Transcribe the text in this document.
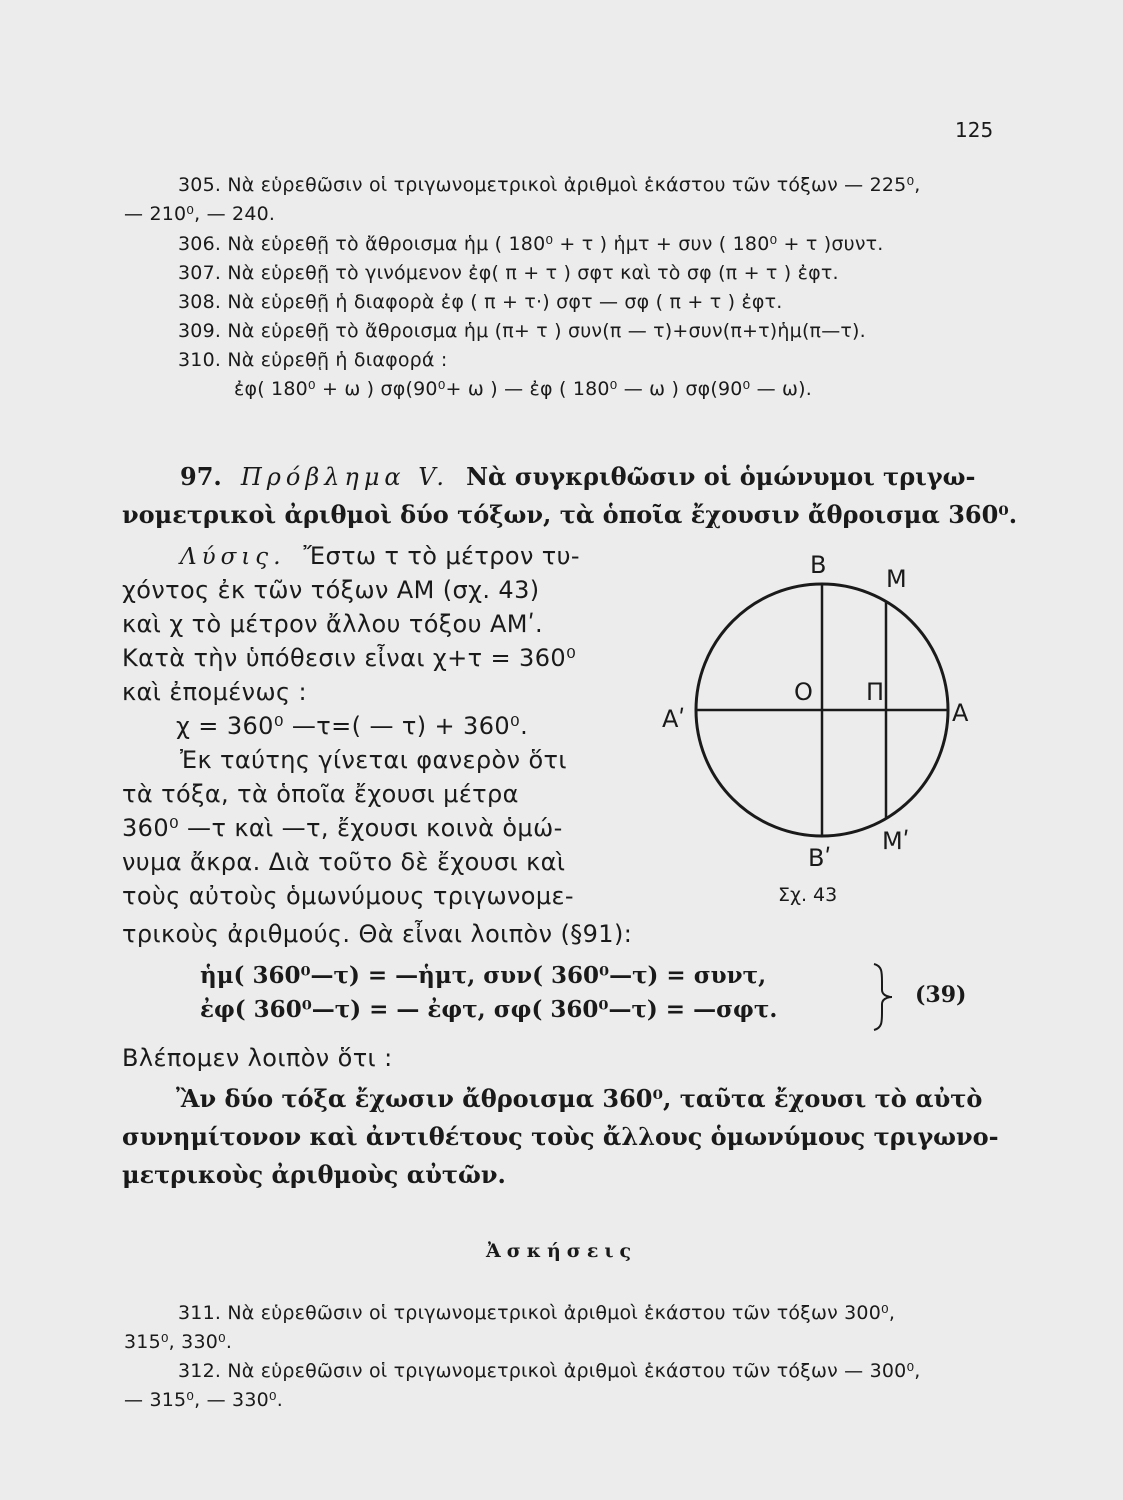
125
305. Νὰ εὑρεθῶσιν οἱ τριγωνομετρικοὶ ἀριθμοὶ ἑκάστου τῶν τόξων — 225⁰,
— 210⁰, — 240.
306. Νὰ εὑρεθῇ τὸ ἄθροισμα ἡμ ( 180⁰ + τ ) ἡμτ + συν ( 180⁰ + τ )συντ.
307. Νὰ εὑρεθῇ τὸ γινόμενον ἐφ( π + τ ) σφτ καὶ τὸ σφ (π + τ ) ἐφτ.
308. Νὰ εὑρεθῇ ἡ διαφορὰ ἐφ ( π + τ·) σφτ — σφ ( π + τ ) ἐφτ.
309. Νὰ εὑρεθῇ τὸ ἄθροισμα ἡμ (π+ τ ) συν(π — τ)+συν(π+τ)ἡμ(π—τ).
310. Νὰ εὑρεθῇ ἡ διαφορά :
ἐφ( 180⁰ + ω ) σφ(90⁰+ ω ) — ἐφ ( 180⁰ — ω ) σφ(90⁰ — ω).
97. Πρόβλημα V. Νὰ συγκριθῶσιν οἱ ὁμώνυμοι τριγω-
νομετρικοὶ ἀριθμοὶ δύο τόξων, τὰ ὁποῖα ἔχουσιν ἄθροισμα 360⁰.
Λύσις. Ἔστω τ τὸ μέτρον τυ-
χόντος ἐκ τῶν τόξων ΑΜ (σχ. 43)
καὶ χ τὸ μέτρον ἄλλου τόξου ΑΜʹ.
Κατὰ τὴν ὑπόθεσιν εἶναι χ+τ = 360⁰
καὶ ἐπομένως :
χ = 360⁰ —τ=( — τ) + 360⁰.
Ἐκ ταύτης γίνεται φανερὸν ὅτι
τὰ τόξα, τὰ ὁποῖα ἔχουσι μέτρα
360⁰ —τ καὶ —τ, ἔχουσι κοινὰ ὁμώ-
νυμα ἄκρα. Διὰ τοῦτο δὲ ἔχουσι καὶ
τοὺς αὐτοὺς ὁμωνύμους τριγωνομε-
τρικοὺς ἀριθμούς. Θὰ εἶναι λοιπὸν (§91):
B M
O Π
A
Αʹ
Βʹ
Μʹ
Σχ. 43
ἡμ( 360⁰—τ) = —ἡμτ, συν( 360⁰—τ) = συντ,
ἐφ( 360⁰—τ) = — ἐφτ, σφ( 360⁰—τ) = —σφτ.
(39)
Βλέπομεν λοιπὸν ὅτι :
Ἂν δύο τόξα ἔχωσιν ἄθροισμα 360⁰, ταῦτα ἔχουσι τὸ αὐτὸ
συνημίτονον καὶ ἀντιθέτους τοὺς ἄλλους ὁμωνύμους τριγωνο-
μετρικοὺς ἀριθμοὺς αὐτῶν.
Ἀσκήσεις
311. Νὰ εὑρεθῶσιν οἱ τριγωνομετρικοὶ ἀριθμοὶ ἑκάστου τῶν τόξων 300⁰,
315⁰, 330⁰.
312. Νὰ εὑρεθῶσιν οἱ τριγωνομετρικοὶ ἀριθμοὶ ἑκάστου τῶν τόξων — 300⁰,
— 315⁰, — 330⁰.
